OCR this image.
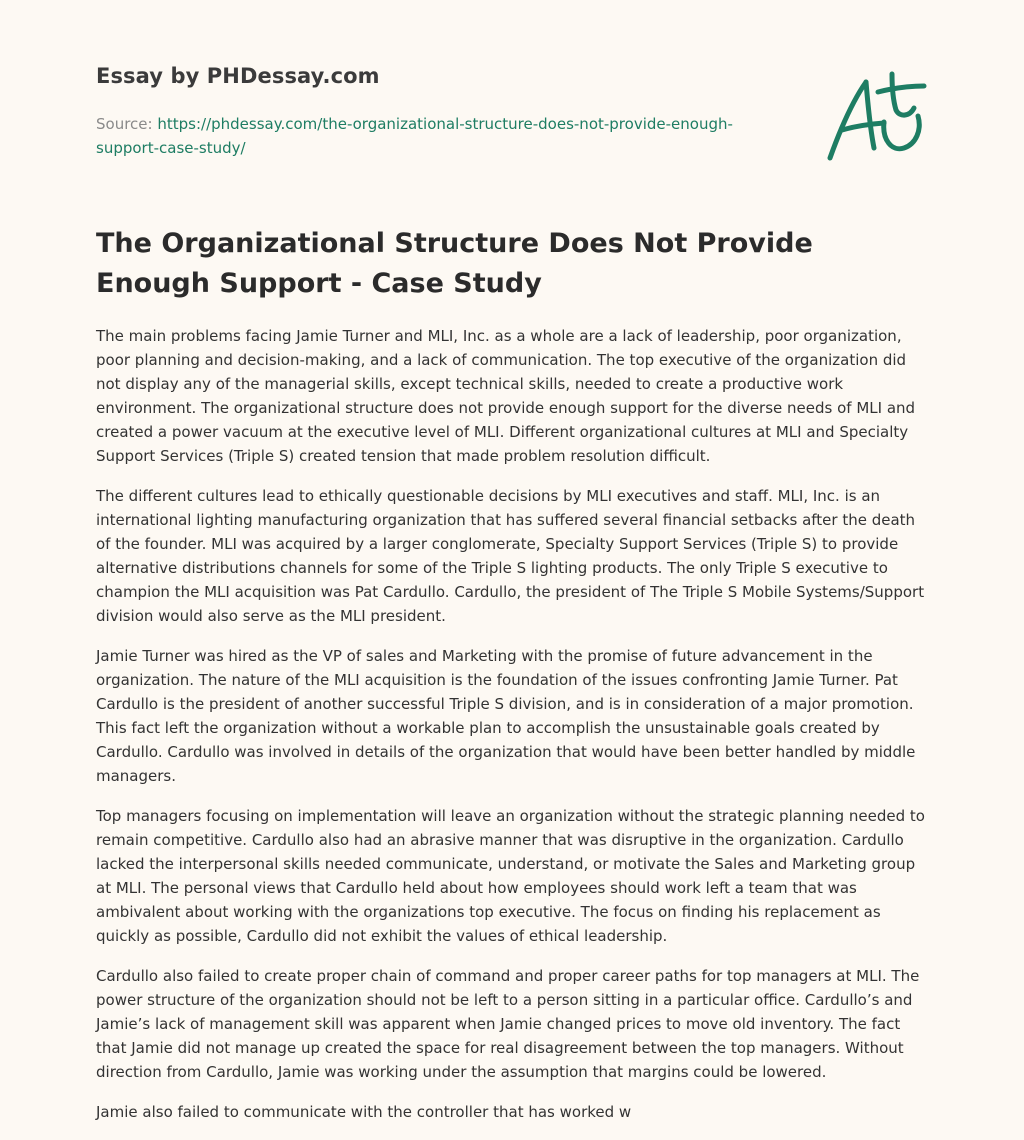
Essay by PHDessay.com
Source: https://phdessay.com/the-organizational-structure-does-not-provide-enough-support-case-study/
The Organizational Structure Does Not Provide Enough Support - Case Study

The main problems facing Jamie Turner and MLI, Inc. as a whole are a lack of leadership, poor organization, poor planning and decision-making, and a lack of communication. The top executive of the organization did not display any of the managerial skills, except technical skills, needed to create a productive work environment. The organizational structure does not provide enough support for the diverse needs of MLI and created a power vacuum at the executive level of MLI. Different organizational cultures at MLI and Specialty Support Services (Triple S) created tension that made problem resolution difficult.

The different cultures lead to ethically questionable decisions by MLI executives and staff. MLI, Inc. is an international lighting manufacturing organization that has suffered several financial setbacks after the death of the founder. MLI was acquired by a larger conglomerate, Specialty Support Services (Triple S) to provide alternative distributions channels for some of the Triple S lighting products. The only Triple S executive to champion the MLI acquisition was Pat Cardullo. Cardullo, the president of The Triple S Mobile Systems/Support division would also serve as the MLI president.

Jamie Turner was hired as the VP of sales and Marketing with the promise of future advancement in the organization. The nature of the MLI acquisition is the foundation of the issues confronting Jamie Turner. Pat Cardullo is the president of another successful Triple S division, and is in consideration of a major promotion. This fact left the organization without a workable plan to accomplish the unsustainable goals created by Cardullo. Cardullo was involved in details of the organization that would have been better handled by middle managers.

Top managers focusing on implementation will leave an organization without the strategic planning needed to remain competitive. Cardullo also had an abrasive manner that was disruptive in the organization. Cardullo lacked the interpersonal skills needed communicate, understand, or motivate the Sales and Marketing group at MLI. The personal views that Cardullo held about how employees should work left a team that was ambivalent about working with the organizations top executive. The focus on finding his replacement as quickly as possible, Cardullo did not exhibit the values of ethical leadership.

Cardullo also failed to create proper chain of command and proper career paths for top managers at MLI. The power structure of the organization should not be left to a person sitting in a particular office. Cardullo’s and Jamie’s lack of management skill was apparent when Jamie changed prices to move old inventory. The fact that Jamie did not manage up created the space for real disagreement between the top managers. Without direction from Cardullo, Jamie was working under the assumption that margins could be lowered.

Jamie also failed to communicate with the controller that has worked w
